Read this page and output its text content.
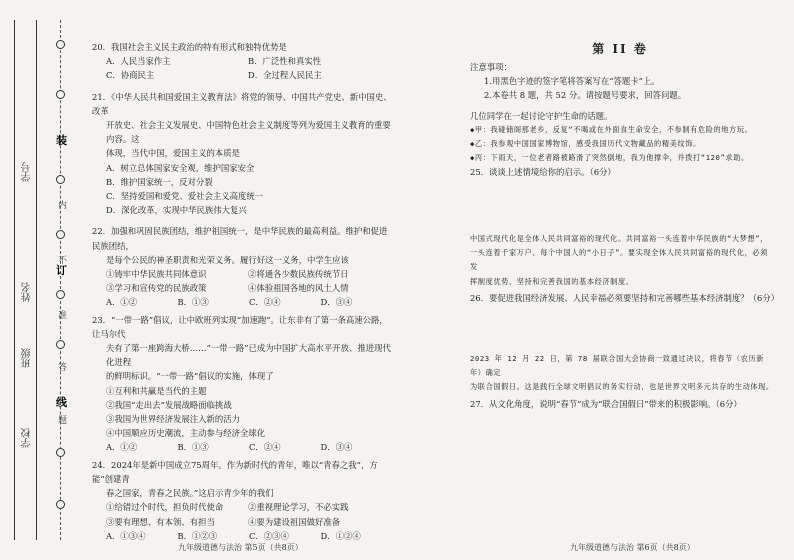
学号
姓名
班级
学校
装
内
不
订
准
答
线
题

20．我国社会主义民主政治的特有形式和独特优势是

A．人民当家作主	B．广泛性和真实性
C．协商民主	D．全过程人民民主

21．《中华人民共和国爱国主义教育法》将党的领导、中国共产党史、新中国史、改革

开放史、社会主义发展史、中国特色社会主义制度等列为爱国主义教育的重要内容。这

体现，当代中国，爱国主义的本质是

A．树立总体国家安全观，维护国家安全

B．维护国家统一，反对分裂

C．坚持爱国和爱党、爱社会主义高度统一

D．深化改革，实现中华民族伟大复兴

22．加强和巩固民族团结，维护祖国统一，是中华民族的最高利益。维护和促进民族团结，

是每个公民的神圣职责和光荣义务。履行好这一义务，中学生应该

①铸牢中华民族共同体意识	②将通各少数民族传统节日
③学习和宣传党的民族政策	④体验祖国各地的风土人情
A．①②	B．①③	C．②④	D．③④

23．“一带一路”倡议，让中欧班列实现“加速跑”。让东非有了第一条高速公路，让马尔代

夫有了第一座跨海大桥……“一带一路”已成为中国扩大高水平开放、推进现代化进程

的鲜明标识。“一带一路”倡议的实施，体现了

①互利和共赢是当代的主题

②我国“走出去”发展战略面临挑战

③我国为世界经济发展注入新的活力

④中国顺应历史潮流，主动参与经济全球化

A．①②	B．①③	C．②④	D．③④

24．2024年是新中国成立75周年。作为新时代的青年，唯以“青春之我”，方能“创建青

春之国家，青春之民族。”这启示青少年的我们

①给错过个时代，担负时代使命	②重视理论学习，不必实践
③要有理想、有本领、有担当	④要为建设祖国做好准备
A．①③④	B．①②③	C．②③④	D．①②④
九年级道德与法治 第5页（共8页）
第 II 卷

注意事项：

1.用黑色字迹的签字笔将答案写在“答题卡”上。

2.本卷共 8 题，共 52 分。请按题号要求，回答问题。

几位同学在一起讨论守护生命的话题。

◆甲：我碰储阁那老乡，反复“不喝或在外面食生命安全，不参制有危险的地方玩。

◆乙：我参观中国国家博物馆，感受我国历代文物藏品的精美纹饰。

◆丙：下雨天，一位老者路被路滑了突然倒地，我为他撑伞，并拨打“120”求助。

25．谈谈上述情境给你的启示。（6分）

中国式现代化是全体人民共同富裕的现代化。共同富裕一头连着中华民族的“大梦想”，

一头连着千家万户、每个中国人的“小日子”。要实现全体人民共同富裕的现代化，必须发

挥制度优势，坚持和完善我国的基本经济制度。

26．要促进我国经济发展、人民幸福必须要坚持和完善哪些基本经济制度？（6分）

2023 年 12 月 22 日，第 78 届联合国大会协商一致通过决议，将春节（农历新年）确定

为联合国假日。这是践行全球文明倡议的务实行动，也是世界文明多元共存的生动体现。

27．从文化角度，说明“春节”成为“联合国假日”带来的积极影响。（6分）

九年级道德与法治 第6页（共8页）
